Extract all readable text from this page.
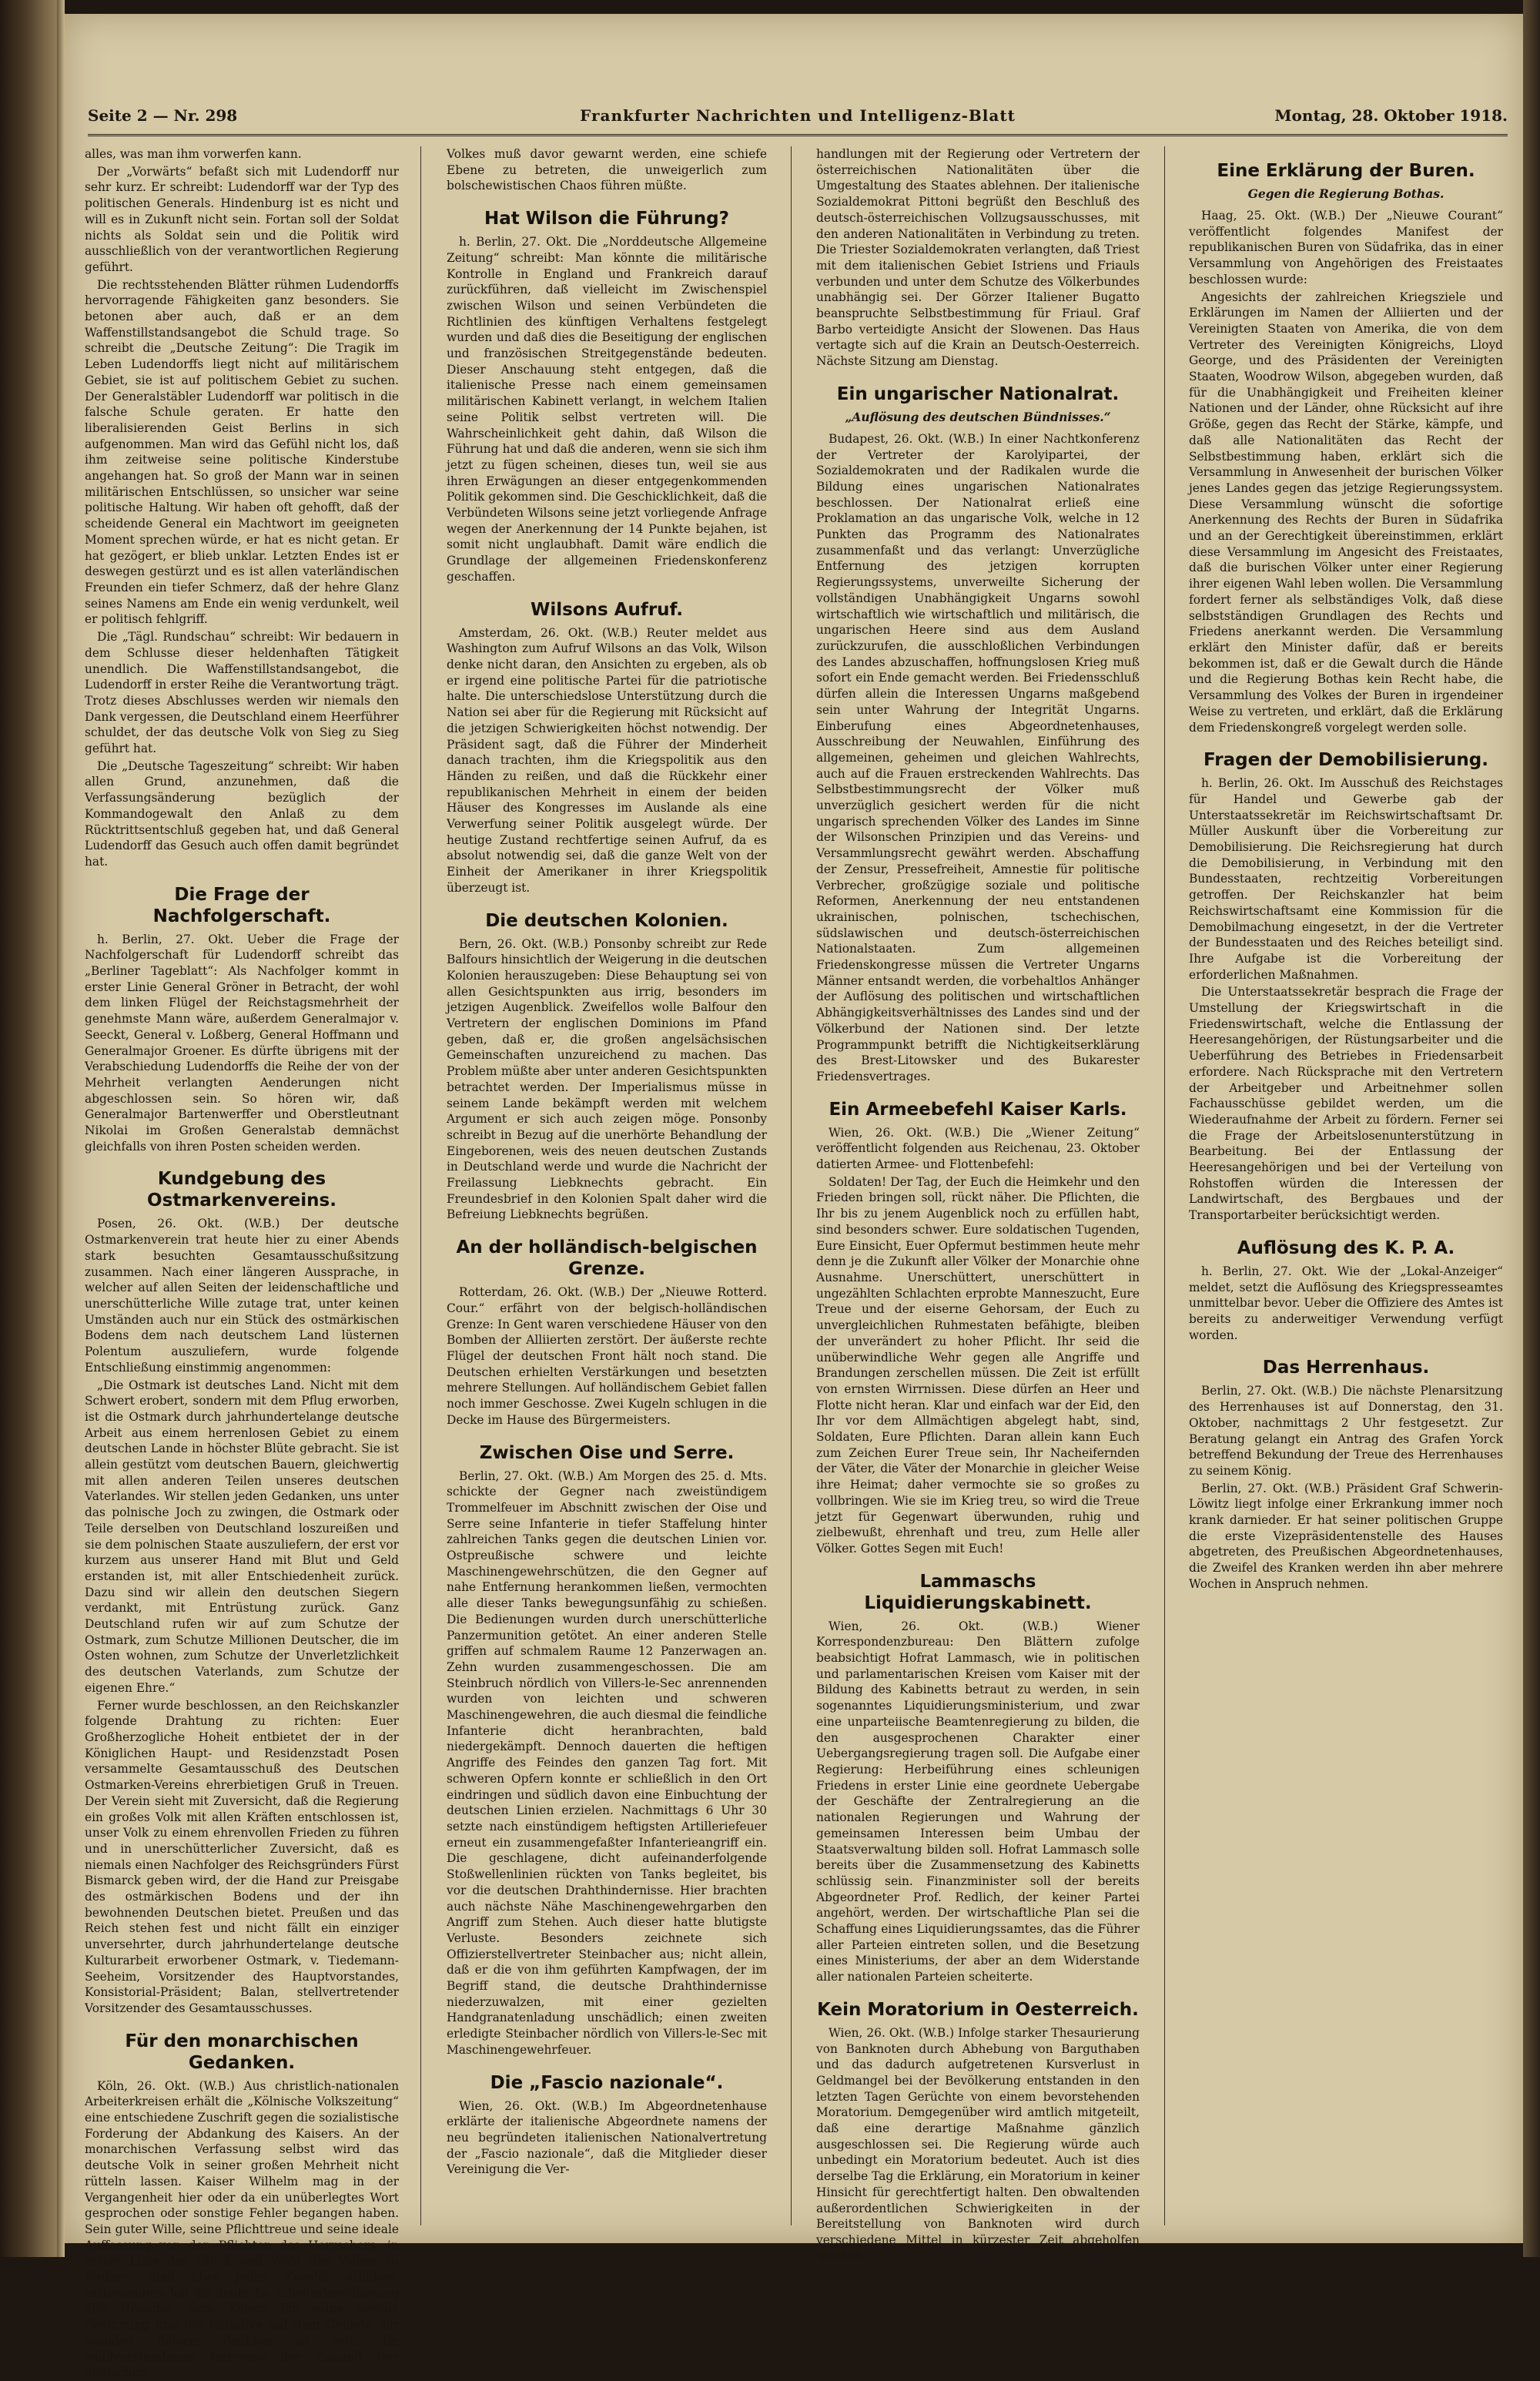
Seite 2 — Nr. 298	Frankfurter Nachrichten und Intelligenz-Blatt	Montag, 28. Oktober 1918.

alles, was man ihm vorwerfen kann.

Der „Vorwärts“ befaßt sich mit Ludendorff nur sehr kurz. Er schreibt: Ludendorff war der Typ des politischen Generals. Hindenburg ist es nicht und will es in Zukunft nicht sein. Fortan soll der Soldat nichts als Soldat sein und die Politik wird ausschließlich von der verantwortlichen Regierung geführt.

Die rechtsstehenden Blätter rühmen Ludendorffs hervorragende Fähigkeiten ganz besonders. Sie betonen aber auch, daß er an dem Waffenstillstandsangebot die Schuld trage. So schreibt die „Deutsche Zeitung“: Die Tragik im Leben Ludendorffs liegt nicht auf militärischem Gebiet, sie ist auf politischem Gebiet zu suchen. Der Generalstäbler Ludendorff war politisch in die falsche Schule geraten. Er hatte den liberalisierenden Geist Berlins in sich aufgenommen. Man wird das Gefühl nicht los, daß ihm zeitweise seine politische Kinderstube angehangen hat. So groß der Mann war in seinen militärischen Entschlüssen, so unsicher war seine politische Haltung. Wir haben oft gehofft, daß der scheidende General ein Machtwort im geeigneten Moment sprechen würde, er hat es nicht getan. Er hat gezögert, er blieb unklar. Letzten Endes ist er deswegen gestürzt und es ist allen vaterländischen Freunden ein tiefer Schmerz, daß der hehre Glanz seines Namens am Ende ein wenig verdunkelt, weil er politisch fehlgriff.

Die „Tägl. Rundschau“ schreibt: Wir bedauern in dem Schlusse dieser heldenhaften Tätigkeit unendlich. Die Waffenstillstandsangebot, die Ludendorff in erster Reihe die Verantwortung trägt. Trotz dieses Abschlusses werden wir niemals den Dank vergessen, die Deutschland einem Heerführer schuldet, der das deutsche Volk von Sieg zu Sieg geführt hat.

Die „Deutsche Tageszeitung“ schreibt: Wir haben allen Grund, anzunehmen, daß die Verfassungsänderung bezüglich der Kommandogewalt den Anlaß zu dem Rücktrittsentschluß gegeben hat, und daß General Ludendorff das Gesuch auch offen damit begründet hat.

Die Frage der Nachfolgerschaft.

h. Berlin, 27. Okt. Ueber die Frage der Nachfolgerschaft für Ludendorff schreibt das „Berliner Tageblatt“: Als Nachfolger kommt in erster Linie General Gröner in Betracht, der wohl dem linken Flügel der Reichstagsmehrheit der genehmste Mann wäre, außerdem Generalmajor v. Seeckt, General v. Loßberg, General Hoffmann und Generalmajor Groener. Es dürfte übrigens mit der Verabschiedung Ludendorffs die Reihe der von der Mehrheit verlangten Aenderungen nicht abgeschlossen sein. So hören wir, daß Generalmajor Bartenwerffer und Oberstleutnant Nikolai im Großen Generalstab demnächst gleichfalls von ihren Posten scheiden werden.

Kundgebung des Ostmarkenvereins.

Posen, 26. Okt. (W.B.) Der deutsche Ostmarkenverein trat heute hier zu einer Abends stark besuchten Gesamtausschußsitzung zusammen. Nach einer längeren Aussprache, in welcher auf allen Seiten der leidenschaftliche und unerschütterliche Wille zutage trat, unter keinen Umständen auch nur ein Stück des ostmärkischen Bodens dem nach deutschem Land lüsternen Polentum auszuliefern, wurde folgende Entschließung einstimmig angenommen:

„Die Ostmark ist deutsches Land. Nicht mit dem Schwert erobert, sondern mit dem Pflug erworben, ist die Ostmark durch jahrhundertelange deutsche Arbeit aus einem herrenlosen Gebiet zu einem deutschen Lande in höchster Blüte gebracht. Sie ist allein gestützt vom deutschen Bauern, gleichwertig mit allen anderen Teilen unseres deutschen Vaterlandes. Wir stellen jeden Gedanken, uns unter das polnische Joch zu zwingen, die Ostmark oder Teile derselben von Deutschland loszureißen und sie dem polnischen Staate auszuliefern, der erst vor kurzem aus unserer Hand mit Blut und Geld erstanden ist, mit aller Entschiedenheit zurück. Dazu sind wir allein den deutschen Siegern verdankt, mit Entrüstung zurück. Ganz Deutschland rufen wir auf zum Schutze der Ostmark, zum Schutze Millionen Deutscher, die im Osten wohnen, zum Schutze der Unverletzlichkeit des deutschen Vaterlands, zum Schutze der eigenen Ehre.“

Ferner wurde beschlossen, an den Reichskanzler folgende Drahtung zu richten: Euer Großherzogliche Hoheit entbietet der in der Königlichen Haupt- und Residenzstadt Posen versammelte Gesamtausschuß des Deutschen Ostmarken-Vereins ehrerbietigen Gruß in Treuen. Der Verein sieht mit Zuversicht, daß die Regierung ein großes Volk mit allen Kräften entschlossen ist, unser Volk zu einem ehrenvollen Frieden zu führen und in unerschütterlicher Zuversicht, daß es niemals einen Nachfolger des Reichsgründers Fürst Bismarck geben wird, der die Hand zur Preisgabe des ostmärkischen Bodens und der ihn bewohnenden Deutschen bietet. Preußen und das Reich stehen fest und nicht fällt ein einziger unversehrter, durch jahrhundertelange deutsche Kulturarbeit erworbener Ostmark, v. Tiedemann-Seeheim, Vorsitzender des Hauptvorstandes, Konsistorial-Präsident; Balan, stellvertretender Vorsitzender des Gesamtausschusses.

Für den monarchischen Gedanken.

Köln, 26. Okt. (W.B.) Aus christlich-nationalen Arbeiterkreisen erhält die „Kölnische Volkszeitung“ eine entschiedene Zuschrift gegen die sozialistische Forderung der Abdankung des Kaisers. An der monarchischen Verfassung selbst wird das deutsche Volk in seiner großen Mehrheit nicht rütteln lassen. Kaiser Wilhelm mag in der Vergangenheit hier oder da ein unüberlegtes Wort gesprochen oder sonstige Fehler begangen haben. Sein guter Wille, seine Pflichttreue und seine ideale Auffassung von den Pflichten des Herrschers, in erster Linie das Glück und Wohl des Volkes zu fördern, sind über jeden Zweifel erhaben. Insbesondere hat die deutsche Arbeiterbevölkerung alle Ursache, dem Kaiser für seine soziale Gesinnung und die Initiative auf dem Gebiete der sozialen Reform dankbar zu sein. Im wohlverstandenen Interesse der Zukunft des deutschen

Volkes muß davor gewarnt werden, eine schiefe Ebene zu betreten, die unweigerlich zum bolschewistischen Chaos führen müßte.

Hat Wilson die Führung?

h. Berlin, 27. Okt. Die „Norddeutsche Allgemeine Zeitung“ schreibt: Man könnte die militärische Kontrolle in England und Frankreich darauf zurückführen, daß vielleicht im Zwischenspiel zwischen Wilson und seinen Verbündeten die Richtlinien des künftigen Verhaltens festgelegt wurden und daß dies die Beseitigung der englischen und französischen Streitgegenstände bedeuten. Dieser Anschauung steht entgegen, daß die italienische Presse nach einem gemeinsamen militärischen Kabinett verlangt, in welchem Italien seine Politik selbst vertreten will. Die Wahrscheinlichkeit geht dahin, daß Wilson die Führung hat und daß die anderen, wenn sie sich ihm jetzt zu fügen scheinen, dieses tun, weil sie aus ihren Erwägungen an dieser entgegenkommenden Politik gekommen sind. Die Geschicklichkeit, daß die Verbündeten Wilsons seine jetzt vorliegende Anfrage wegen der Anerkennung der 14 Punkte bejahen, ist somit nicht unglaubhaft. Damit wäre endlich die Grundlage der allgemeinen Friedenskonferenz geschaffen.

Wilsons Aufruf.

Amsterdam, 26. Okt. (W.B.) Reuter meldet aus Washington zum Aufruf Wilsons an das Volk, Wilson denke nicht daran, den Ansichten zu ergeben, als ob er irgend eine politische Partei für die patriotische halte. Die unterschiedslose Unterstützung durch die Nation sei aber für die Regierung mit Rücksicht auf die jetzigen Schwierigkeiten höchst notwendig. Der Präsident sagt, daß die Führer der Minderheit danach trachten, ihm die Kriegspolitik aus den Händen zu reißen, und daß die Rückkehr einer republikanischen Mehrheit in einem der beiden Häuser des Kongresses im Auslande als eine Verwerfung seiner Politik ausgelegt würde. Der heutige Zustand rechtfertige seinen Aufruf, da es absolut notwendig sei, daß die ganze Welt von der Einheit der Amerikaner in ihrer Kriegspolitik überzeugt ist.

Die deutschen Kolonien.

Bern, 26. Okt. (W.B.) Ponsonby schreibt zur Rede Balfours hinsichtlich der Weigerung in die deutschen Kolonien herauszugeben: Diese Behauptung sei von allen Gesichtspunkten aus irrig, besonders im jetzigen Augenblick. Zweifellos wolle Balfour den Vertretern der englischen Dominions im Pfand geben, daß er, die großen angelsächsischen Gemeinschaften unzureichend zu machen. Das Problem müßte aber unter anderen Gesichtspunkten betrachtet werden. Der Imperialismus müsse in seinem Lande bekämpft werden mit welchem Argument er sich auch zeigen möge. Ponsonby schreibt in Bezug auf die unerhörte Behandlung der Eingeborenen, weis des neuen deutschen Zustands in Deutschland werde und wurde die Nachricht der Freilassung Liebknechts gebracht. Ein Freundesbrief in den Kolonien Spalt daher wird die Befreiung Liebknechts begrüßen.

An der holländisch-belgischen Grenze.

Rotterdam, 26. Okt. (W.B.) Der „Nieuwe Rotterd. Cour.“ erfährt von der belgisch-holländischen Grenze: In Gent waren verschiedene Häuser von den Bomben der Alliierten zerstört. Der äußerste rechte Flügel der deutschen Front hält noch stand. Die Deutschen erhielten Verstärkungen und besetzten mehrere Stellungen. Auf holländischem Gebiet fallen noch immer Geschosse. Zwei Kugeln schlugen in die Decke im Hause des Bürgermeisters.

Zwischen Oise und Serre.

Berlin, 27. Okt. (W.B.) Am Morgen des 25. d. Mts. schickte der Gegner nach zweistündigem Trommelfeuer im Abschnitt zwischen der Oise und Serre seine Infanterie in tiefer Staffelung hinter zahlreichen Tanks gegen die deutschen Linien vor. Ostpreußische schwere und leichte Maschinengewehrschützen, die den Gegner auf nahe Entfernung herankommen ließen, vermochten alle dieser Tanks bewegungsunfähig zu schießen. Die Bedienungen wurden durch unerschütterliche Panzermunition getötet. An einer anderen Stelle griffen auf schmalem Raume 12 Panzerwagen an. Zehn wurden zusammengeschossen. Die am Steinbruch nördlich von Villers-le-Sec anrennenden wurden von leichten und schweren Maschinengewehren, die auch diesmal die feindliche Infanterie dicht heranbrachten, bald niedergekämpft. Dennoch dauerten die heftigen Angriffe des Feindes den ganzen Tag fort. Mit schweren Opfern konnte er schließlich in den Ort eindringen und südlich davon eine Einbuchtung der deutschen Linien erzielen. Nachmittags 6 Uhr 30 setzte nach einstündigem heftigsten Artilleriefeuer erneut ein zusammengefaßter Infanterieangriff ein. Die geschlagene, dicht aufeinanderfolgende Stoßwellenlinien rückten von Tanks begleitet, bis vor die deutschen Drahthindernisse. Hier brachten auch nächste Nähe Maschinengewehrgarben den Angriff zum Stehen. Auch dieser hatte blutigste Verluste. Besonders zeichnete sich Offizierstellvertreter Steinbacher aus; nicht allein, daß er die von ihm geführten Kampfwagen, der im Begriff stand, die deutsche Drahthindernisse niederzuwalzen, mit einer gezielten Handgranatenladung unschädlich; einen zweiten erledigte Steinbacher nördlich von Villers-le-Sec mit Maschinengewehrfeuer.

Die „Fascio nazionale“.

Wien, 26. Okt. (W.B.) Im Abgeordnetenhause erklärte der italienische Abgeordnete namens der neu begründeten italienischen Nationalvertretung der „Fascio nazionale“, daß die Mitglieder dieser Vereinigung die Ver-

handlungen mit der Regierung oder Vertretern der österreichischen Nationalitäten über die Umgestaltung des Staates ablehnen. Der italienische Sozialdemokrat Pittoni begrüßt den Beschluß des deutsch-österreichischen Vollzugsausschusses, mit den anderen Nationalitäten in Verbindung zu treten. Die Triester Sozialdemokraten verlangten, daß Triest mit dem italienischen Gebiet Istriens und Friauls verbunden und unter dem Schutze des Völkerbundes unabhängig sei. Der Görzer Italiener Bugatto beanspruchte Selbstbestimmung für Friaul. Graf Barbo verteidigte Ansicht der Slowenen. Das Haus vertagte sich auf die Krain an Deutsch-Oesterreich. Nächste Sitzung am Dienstag.

Ein ungarischer Nationalrat.
„Auflösung des deutschen Bündnisses.“

Budapest, 26. Okt. (W.B.) In einer Nachtkonferenz der Vertreter der Karolyipartei, der Sozialdemokraten und der Radikalen wurde die Bildung eines ungarischen Nationalrates beschlossen. Der Nationalrat erließ eine Proklamation an das ungarische Volk, welche in 12 Punkten das Programm des Nationalrates zusammenfaßt und das verlangt: Unverzügliche Entfernung des jetzigen korrupten Regierungssystems, unverweilte Sicherung der vollständigen Unabhängigkeit Ungarns sowohl wirtschaftlich wie wirtschaftlich und militärisch, die ungarischen Heere sind aus dem Ausland zurückzurufen, die ausschloßlichen Verbindungen des Landes abzuschaffen, hoffnungslosen Krieg muß sofort ein Ende gemacht werden. Bei Friedensschluß dürfen allein die Interessen Ungarns maßgebend sein unter Wahrung der Integrität Ungarns. Einberufung eines Abgeordnetenhauses, Ausschreibung der Neuwahlen, Einführung des allgemeinen, geheimen und gleichen Wahlrechts, auch auf die Frauen erstreckenden Wahlrechts. Das Selbstbestimmungsrecht der Völker muß unverzüglich gesichert werden für die nicht ungarisch sprechenden Völker des Landes im Sinne der Wilsonschen Prinzipien und das Vereins- und Versammlungsrecht gewährt werden. Abschaffung der Zensur, Pressefreiheit, Amnestie für politische Verbrecher, großzügige soziale und politische Reformen, Anerkennung der neu entstandenen ukrainischen, polnischen, tschechischen, südslawischen und deutsch-österreichischen Nationalstaaten. Zum allgemeinen Friedenskongresse müssen die Vertreter Ungarns Männer entsandt werden, die vorbehaltlos Anhänger der Auflösung des politischen und wirtschaftlichen Abhängigkeitsverhältnisses des Landes sind und der Völkerbund der Nationen sind. Der letzte Programmpunkt betrifft die Nichtigkeitserklärung des Brest-Litowsker und des Bukarester Friedensvertrages.

Ein Armeebefehl Kaiser Karls.

Wien, 26. Okt. (W.B.) Die „Wiener Zeitung“ veröffentlicht folgenden aus Reichenau, 23. Oktober datierten Armee- und Flottenbefehl:

Soldaten! Der Tag, der Euch die Heimkehr und den Frieden bringen soll, rückt näher. Die Pflichten, die Ihr bis zu jenem Augenblick noch zu erfüllen habt, sind besonders schwer. Eure soldatischen Tugenden, Eure Einsicht, Euer Opfermut bestimmen heute mehr denn je die Zukunft aller Völker der Monarchie ohne Ausnahme. Unerschüttert, unerschüttert in ungezählten Schlachten erprobte Manneszucht, Eure Treue und der eiserne Gehorsam, der Euch zu unvergleichlichen Ruhmestaten befähigte, bleiben der unverändert zu hoher Pflicht. Ihr seid die unüberwindliche Wehr gegen alle Angriffe und Brandungen zerschellen müssen. Die Zeit ist erfüllt von ernsten Wirrnissen. Diese dürfen an Heer und Flotte nicht heran. Klar und einfach war der Eid, den Ihr vor dem Allmächtigen abgelegt habt, sind, Soldaten, Eure Pflichten. Daran allein kann Euch zum Zeichen Eurer Treue sein, Ihr Nacheifernden der Väter, die Väter der Monarchie in gleicher Weise ihre Heimat; daher vermochte sie so großes zu vollbringen. Wie sie im Krieg treu, so wird die Treue jetzt für Gegenwart überwunden, ruhig und zielbewußt, ehrenhaft und treu, zum Helle aller Völker. Gottes Segen mit Euch!

Lammaschs Liquidierungskabinett.

Wien, 26. Okt. (W.B.) Wiener Korrespondenzbureau: Den Blättern zufolge beabsichtigt Hofrat Lammasch, wie in politischen und parlamentarischen Kreisen vom Kaiser mit der Bildung des Kabinetts betraut zu werden, in sein sogenanntes Liquidierungsministerium, und zwar eine unparteiische Beamtenregierung zu bilden, die den ausgesprochenen Charakter einer Uebergangsregierung tragen soll. Die Aufgabe einer Regierung: Herbeiführung eines schleunigen Friedens in erster Linie eine geordnete Uebergabe der Geschäfte der Zentralregierung an die nationalen Regierungen und Wahrung der gemeinsamen Interessen beim Umbau der Staatsverwaltung bilden soll. Hofrat Lammasch solle bereits über die Zusammensetzung des Kabinetts schlüssig sein. Finanzminister soll der bereits Abgeordneter Prof. Redlich, der keiner Partei angehört, werden. Der wirtschaftliche Plan sei die Schaffung eines Liquidierungssamtes, das die Führer aller Parteien eintreten sollen, und die Besetzung eines Ministeriums, der aber an dem Widerstande aller nationalen Parteien scheiterte.

Kein Moratorium in Oesterreich.

Wien, 26. Okt. (W.B.) Infolge starker Thesaurierung von Banknoten durch Abhebung von Barguthaben und das dadurch aufgetretenen Kursverlust in Geldmangel bei der Bevölkerung entstanden in den letzten Tagen Gerüchte von einem bevorstehenden Moratorium. Demgegenüber wird amtlich mitgeteilt, daß eine derartige Maßnahme gänzlich ausgeschlossen sei. Die Regierung würde auch unbedingt ein Moratorium bedeutet. Auch ist dies derselbe Tag die Erklärung, ein Moratorium in keiner Hinsicht für gerechtfertigt halten. Den obwaltenden außerordentlichen Schwierigkeiten in der Bereitstellung von Banknoten wird durch verschiedene Mittel in kürzester Zeit abgeholfen werden.

Eine Erklärung der Buren.
Gegen die Regierung Bothas.

Haag, 25. Okt. (W.B.) Der „Nieuwe Courant“ veröffentlicht folgendes Manifest der republikanischen Buren von Südafrika, das in einer Versammlung von Angehörigen des Freistaates beschlossen wurde:

Angesichts der zahlreichen Kriegsziele und Erklärungen im Namen der Alliierten und der Vereinigten Staaten von Amerika, die von dem Vertreter des Vereinigten Königreichs, Lloyd George, und des Präsidenten der Vereinigten Staaten, Woodrow Wilson, abgegeben wurden, daß für die Unabhängigkeit und Freiheiten kleiner Nationen und der Länder, ohne Rücksicht auf ihre Größe, gegen das Recht der Stärke, kämpfe, und daß alle Nationalitäten das Recht der Selbstbestimmung haben, erklärt sich die Versammlung in Anwesenheit der burischen Völker jenes Landes gegen das jetzige Regierungssystem. Diese Versammlung wünscht die sofortige Anerkennung des Rechts der Buren in Südafrika und an der Gerechtigkeit übereinstimmen, erklärt diese Versammlung im Angesicht des Freistaates, daß die burischen Völker unter einer Regierung ihrer eigenen Wahl leben wollen. Die Versammlung fordert ferner als selbständiges Volk, daß diese selbstständigen Grundlagen des Rechts und Friedens anerkannt werden. Die Versammlung erklärt den Minister dafür, daß er bereits bekommen ist, daß er die Gewalt durch die Hände und die Regierung Bothas kein Recht habe, die Versammlung des Volkes der Buren in irgendeiner Weise zu vertreten, und erklärt, daß die Erklärung dem Friedenskongreß vorgelegt werden solle.

Fragen der Demobilisierung.

h. Berlin, 26. Okt. Im Ausschuß des Reichstages für Handel und Gewerbe gab der Unterstaatssekretär im Reichswirtschaftsamt Dr. Müller Auskunft über die Vorbereitung zur Demobilisierung. Die Reichsregierung hat durch die Demobilisierung, in Verbindung mit den Bundesstaaten, rechtzeitig Vorbereitungen getroffen. Der Reichskanzler hat beim Reichswirtschaftsamt eine Kommission für die Demobilmachung eingesetzt, in der die Vertreter der Bundesstaaten und des Reiches beteiligt sind. Ihre Aufgabe ist die Vorbereitung der erforderlichen Maßnahmen.

Die Unterstaatssekretär besprach die Frage der Umstellung der Kriegswirtschaft in die Friedenswirtschaft, welche die Entlassung der Heeresangehörigen, der Rüstungsarbeiter und die Ueberführung des Betriebes in Friedensarbeit erfordere. Nach Rücksprache mit den Vertretern der Arbeitgeber und Arbeitnehmer sollen Fachausschüsse gebildet werden, um die Wiederaufnahme der Arbeit zu fördern. Ferner sei die Frage der Arbeitslosenunterstützung in Bearbeitung. Bei der Entlassung der Heeresangehörigen und bei der Verteilung von Rohstoffen würden die Interessen der Landwirtschaft, des Bergbaues und der Transportarbeiter berücksichtigt werden.

Auflösung des K. P. A.

h. Berlin, 27. Okt. Wie der „Lokal-Anzeiger“ meldet, setzt die Auflösung des Kriegspresseamtes unmittelbar bevor. Ueber die Offiziere des Amtes ist bereits zu anderweitiger Verwendung verfügt worden.

Das Herrenhaus.

Berlin, 27. Okt. (W.B.) Die nächste Plenarsitzung des Herrenhauses ist auf Donnerstag, den 31. Oktober, nachmittags 2 Uhr festgesetzt. Zur Beratung gelangt ein Antrag des Grafen Yorck betreffend Bekundung der Treue des Herrenhauses zu seinem König.

Berlin, 27. Okt. (W.B.) Präsident Graf Schwerin-Löwitz liegt infolge einer Erkrankung immer noch krank darnieder. Er hat seiner politischen Gruppe die erste Vizepräsidentenstelle des Hauses abgetreten, des Preußischen Abgeordnetenhauses, die Zweifel des Kranken werden ihn aber mehrere Wochen in Anspruch nehmen.
